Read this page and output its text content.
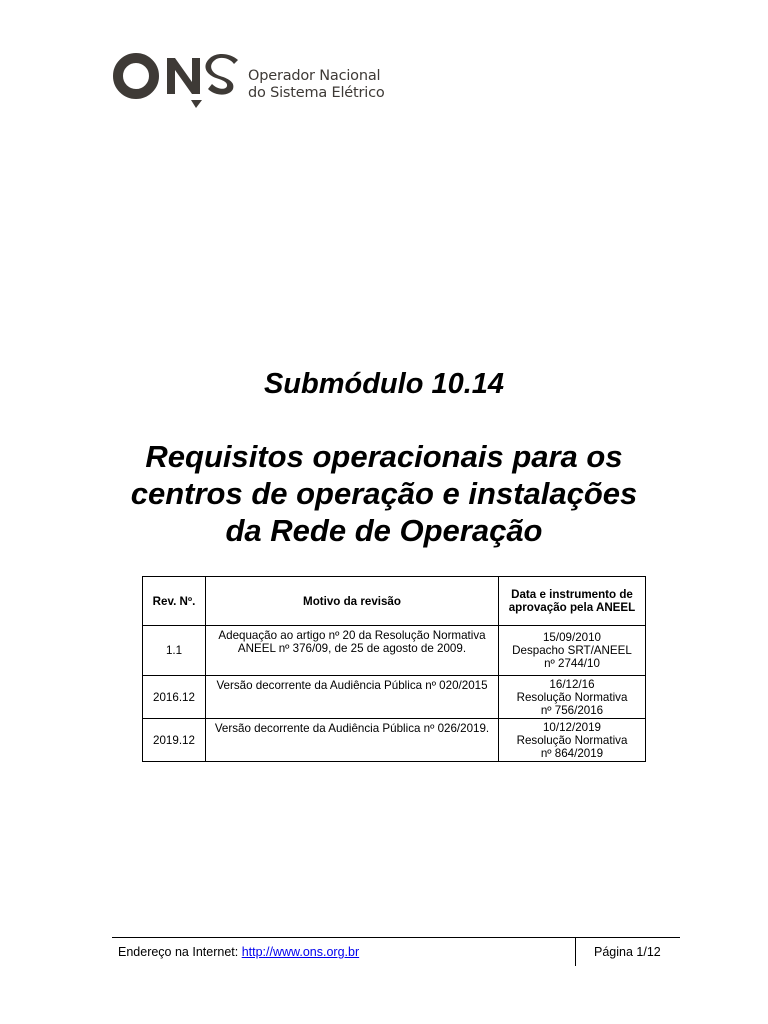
Operador Nacional
do Sistema Elétrico
Submódulo 10.14
Requisitos operacionais para os
centros de operação e instalações
da Rede de Operação
Rev. Nº.	Motivo da revisão	Data e instrumento de aprovação pela ANEEL
1.1	Adequação ao artigo nº 20 da Resolução Normativa ANEEL nº 376/09, de 25 de agosto de 2009.	15/09/2010
Despacho SRT/ANEEL
nº 2744/10

2016.12	Versão decorrente da Audiência Pública nº 020/2015	16/12/16
Resolução Normativa
nº 756/2016

2019.12	Versão decorrente da Audiência Pública nº 026/2019.	10/12/2019
Resolução Normativa
nº 864/2019
Endereço na Internet: http://www.ons.org.br	Página 1/12
